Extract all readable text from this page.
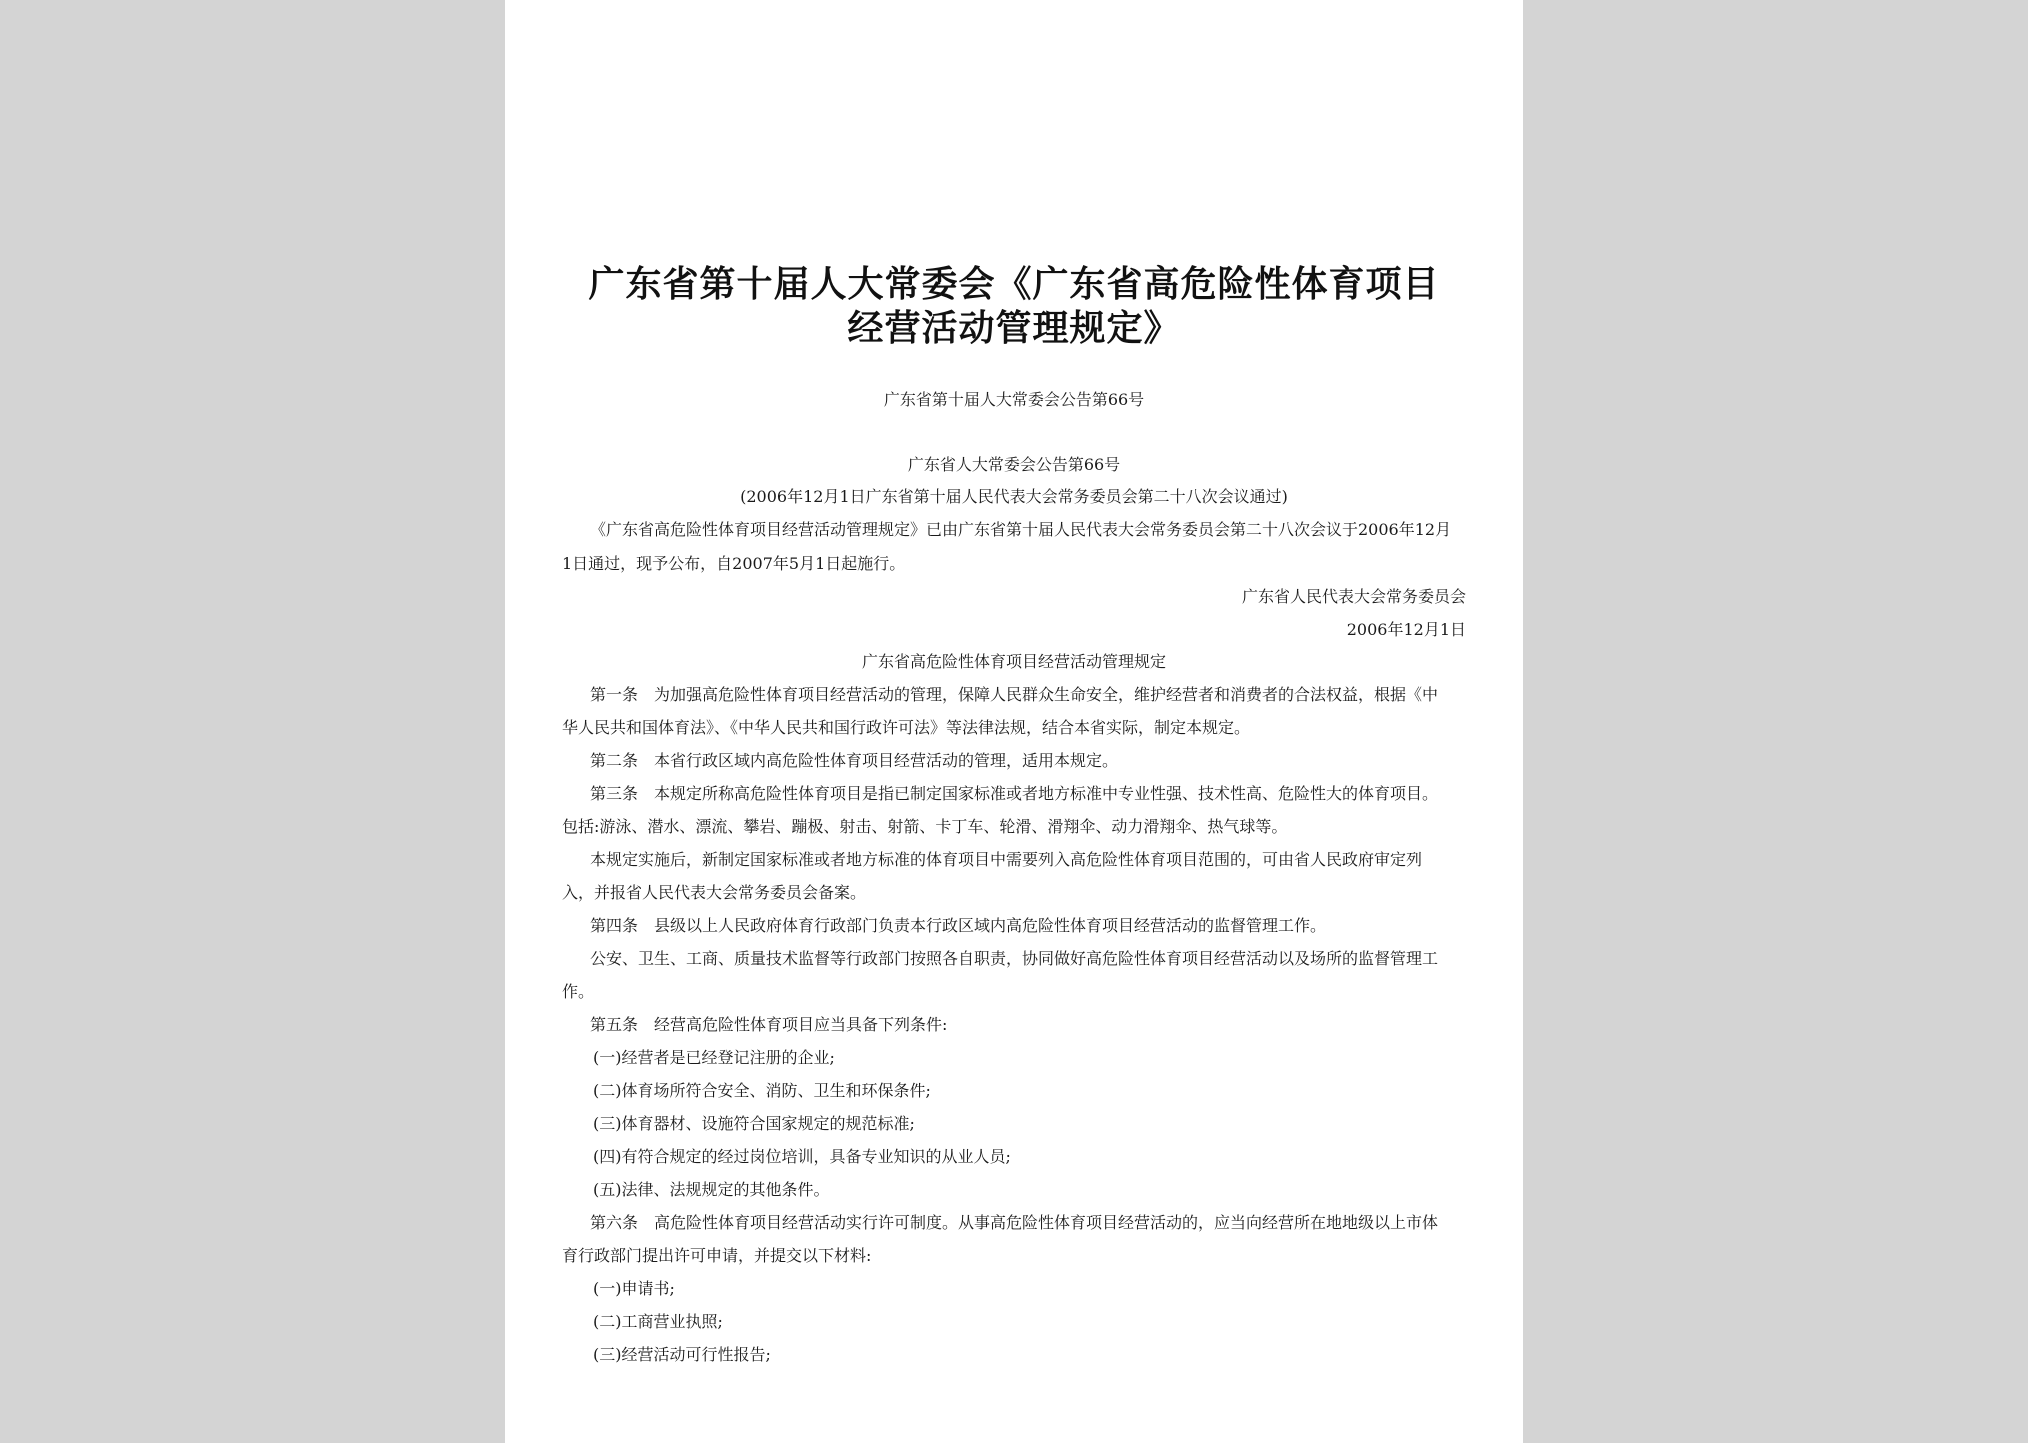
广东省第十届人大常委会《广东省高危险性体育项目
经营活动管理规定》
广东省第十届人大常委会公告第66号
广东省人大常委会公告第66号
(2006年12月1日广东省第十届人民代表大会常务委员会第二十八次会议通过)
《广东省高危险性体育项目经营活动管理规定》已由广东省第十届人民代表大会常务委员会第二十八次会议于2006年12月
1日通过，现予公布，自2007年5月1日起施行。
广东省人民代表大会常务委员会
2006年12月1日
广东省高危险性体育项目经营活动管理规定
第一条　为加强高危险性体育项目经营活动的管理，保障人民群众生命安全，维护经营者和消费者的合法权益，根据《中
华人民共和国体育法》、《中华人民共和国行政许可法》等法律法规，结合本省实际，制定本规定。
第二条　本省行政区域内高危险性体育项目经营活动的管理，适用本规定。
第三条　本规定所称高危险性体育项目是指已制定国家标准或者地方标准中专业性强、技术性高、危险性大的体育项目。
包括:游泳、潜水、漂流、攀岩、蹦极、射击、射箭、卡丁车、轮滑、滑翔伞、动力滑翔伞、热气球等。
本规定实施后，新制定国家标准或者地方标准的体育项目中需要列入高危险性体育项目范围的，可由省人民政府审定列
入，并报省人民代表大会常务委员会备案。
第四条　县级以上人民政府体育行政部门负责本行政区域内高危险性体育项目经营活动的监督管理工作。
公安、卫生、工商、质量技术监督等行政部门按照各自职责，协同做好高危险性体育项目经营活动以及场所的监督管理工
作。
第五条　经营高危险性体育项目应当具备下列条件:
(一)经营者是已经登记注册的企业;
(二)体育场所符合安全、消防、卫生和环保条件;
(三)体育器材、设施符合国家规定的规范标准;
(四)有符合规定的经过岗位培训，具备专业知识的从业人员;
(五)法律、法规规定的其他条件。
第六条　高危险性体育项目经营活动实行许可制度。从事高危险性体育项目经营活动的，应当向经营所在地地级以上市体
育行政部门提出许可申请，并提交以下材料:
(一)申请书;
(二)工商营业执照;
(三)经营活动可行性报告;
